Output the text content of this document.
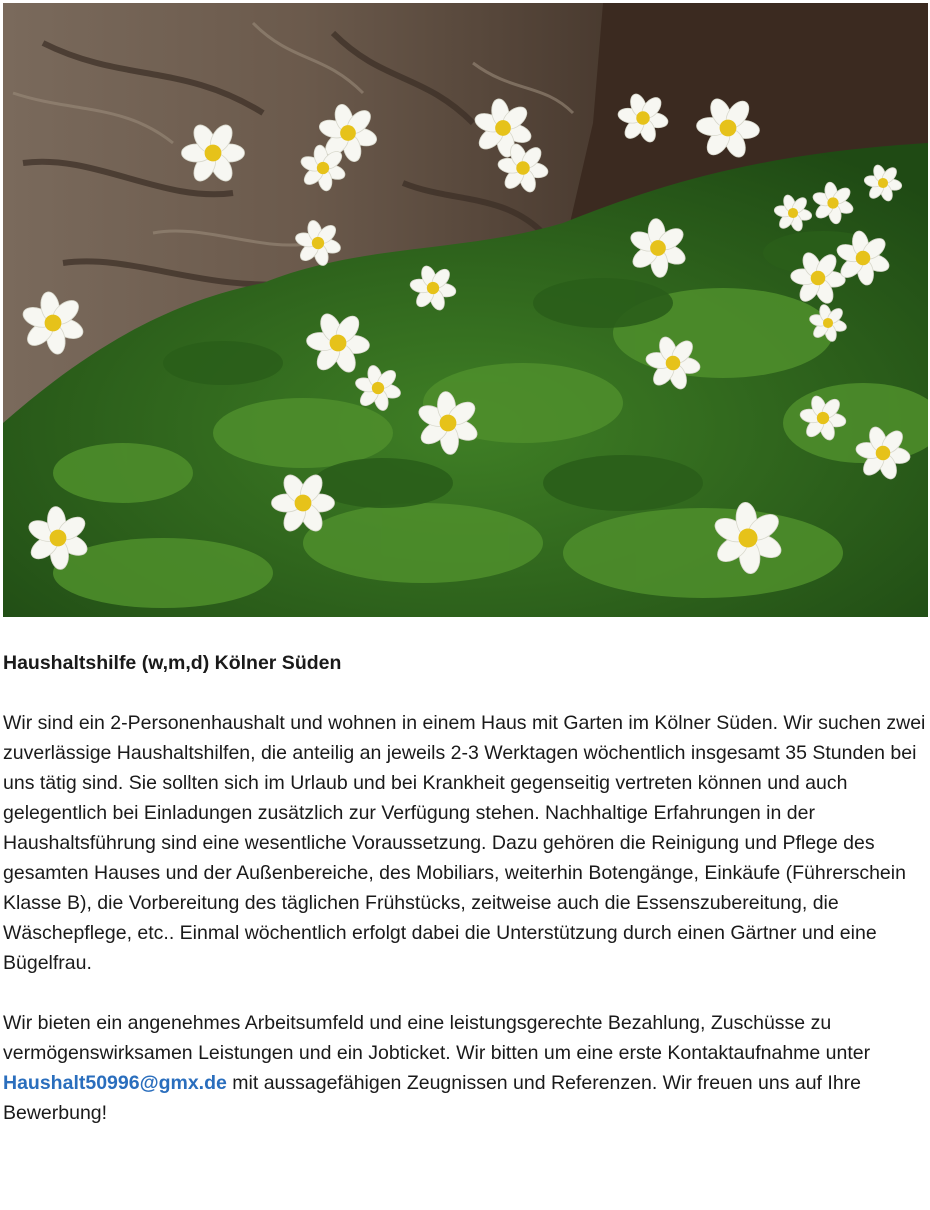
Haushaltshilfe (w,m,d) Kölner Süden

Wir sind ein 2-Personenhaushalt und wohnen in einem Haus mit Garten im Kölner Süden. Wir suchen zwei zuverlässige Haushaltshilfen, die anteilig an jeweils 2-3 Werktagen wöchentlich insgesamt 35 Stunden bei uns tätig sind. Sie sollten sich im Urlaub und bei Krankheit gegenseitig vertreten können und auch gelegentlich bei Einladungen zusätzlich zur Verfügung stehen. Nachhaltige Erfahrungen in der Haushaltsführung sind eine wesentliche Voraussetzung. Dazu gehören die Reinigung und Pflege des gesamten Hauses und der Außenbereiche, des Mobiliars, weiterhin Botengänge, Einkäufe (Führerschein Klasse B), die Vorbereitung des täglichen Frühstücks, zeitweise auch die Essenszubereitung, die Wäschepflege, etc.. Einmal wöchentlich erfolgt dabei die Unterstützung durch einen Gärtner und eine Bügelfrau.

Wir bieten ein angenehmes Arbeitsumfeld und eine leistungsgerechte Bezahlung, Zuschüsse zu vermögenswirksamen Leistungen und ein Jobticket. Wir bitten um eine erste Kontaktaufnahme unter Haushalt50996@gmx.de mit aussagefähigen Zeugnissen und Referenzen. Wir freuen uns auf Ihre Bewerbung!
